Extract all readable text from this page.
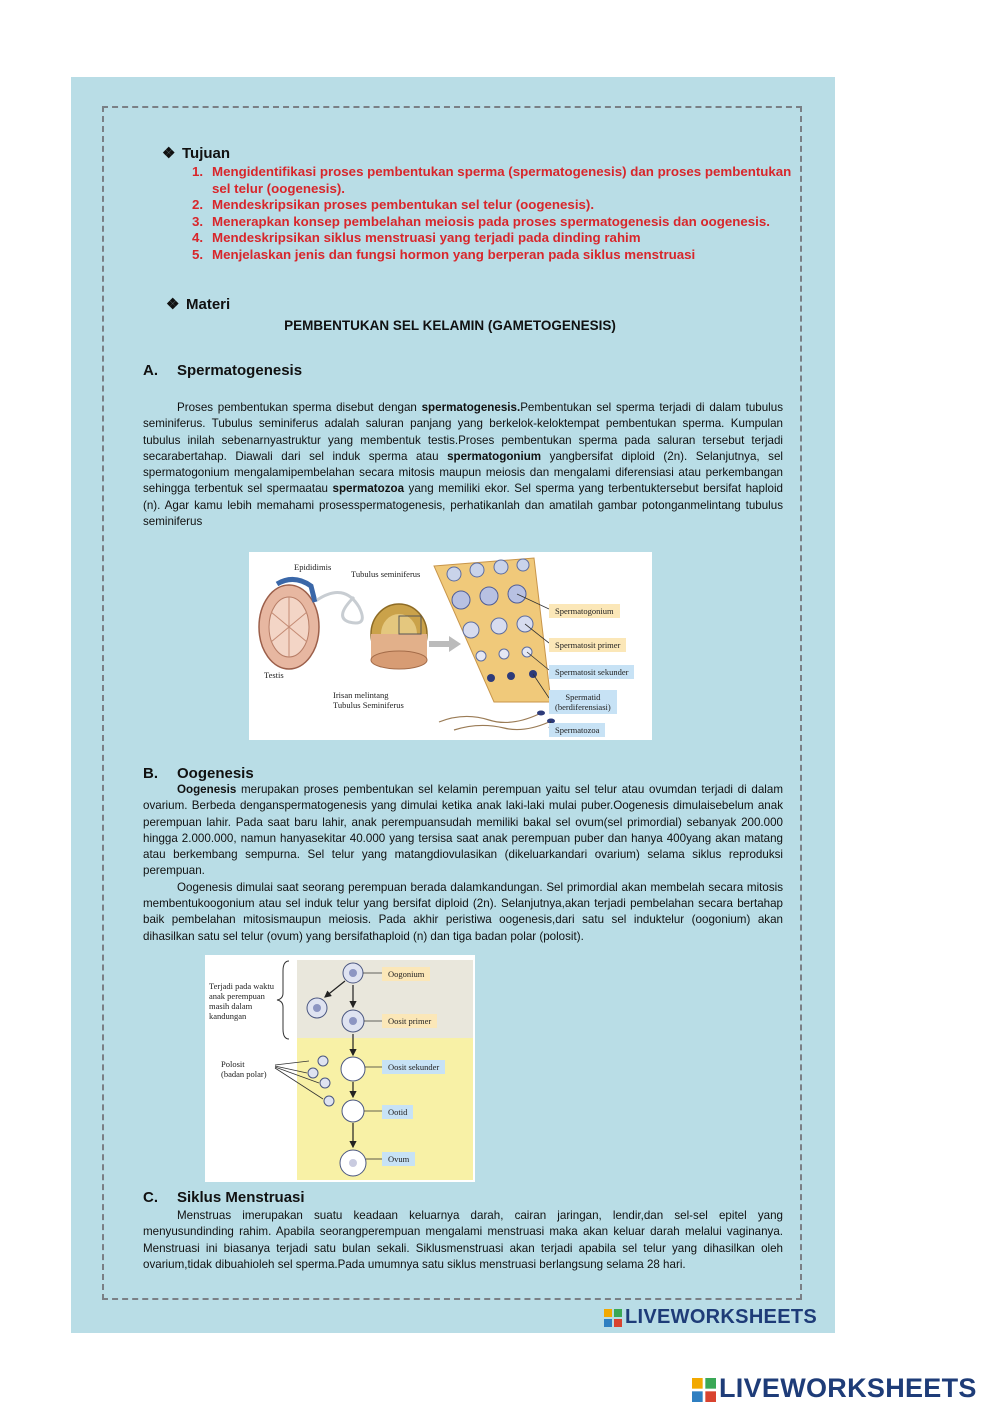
❖ Tujuan
1. Mengidentifikasi proses pembentukan sperma (spermatogenesis) dan proses pembentukan sel telur (oogenesis).
2. Mendeskripsikan proses pembentukan sel telur (oogenesis).
3. Menerapkan konsep pembelahan meiosis pada proses spermatogenesis dan oogenesis.
4. Mendeskripsikan siklus menstruasi yang terjadi pada dinding rahim
5. Menjelaskan jenis dan fungsi hormon yang berperan pada siklus menstruasi
❖ Materi
PEMBENTUKAN SEL KELAMIN (GAMETOGENESIS)
A. Spermatogenesis

Proses pembentukan sperma disebut dengan spermatogenesis.Pembentukan sel sperma terjadi di dalam tubulus seminiferus. Tubulus seminiferus adalah saluran panjang yang berkelok-keloktempat pembentukan sperma. Kumpulan tubulus inilah sebenarnyastruktur yang membentuk testis.Proses pembentukan sperma pada saluran tersebut terjadi secarabertahap. Diawali dari sel induk sperma atau spermatogonium yangbersifat diploid (2n). Selanjutnya, sel spermatogonium mengalamipembelahan secara mitosis maupun meiosis dan mengalami diferensiasi atau perkembangan sehingga terbentuk sel spermaatau spermatozoa yang memiliki ekor. Sel sperma yang terbentuktersebut bersifat haploid (n). Agar kamu lebih memahami prosesspermatogenesis, perhatikanlah dan amatilah gambar potonganmelintang tubulus seminiferus

Epididimis
Tubulus seminiferus
Testis
Irisan melintang
Tubulus Seminiferus
Spermatogonium
Spermatosit primer
Spermatosit sekunder
Spermatid
(berdiferensiasi)
Spermatozoa
B. Oogenesis

Oogenesis merupakan proses pembentukan sel kelamin perempuan yaitu sel telur atau ovumdan terjadi di dalam ovarium. Berbeda denganspermatogenesis yang dimulai ketika anak laki-laki mulai puber.Oogenesis dimulaisebelum anak perempuan lahir. Pada saat baru lahir, anak perempuansudah memiliki bakal sel ovum(sel primordial) sebanyak 200.000 hingga 2.000.000, namun hanyasekitar 40.000 yang tersisa saat anak perempuan puber dan hanya 400yang akan matang atau berkembang sempurna. Sel telur yang matangdiovulasikan (dikeluarkandari ovarium) selama siklus reproduksi perempuan.

Oogenesis dimulai saat seorang perempuan berada dalamkandungan. Sel primordial akan membelah secara mitosis membentukoogonium atau sel induk telur yang bersifat diploid (2n). Selanjutnya,akan terjadi pembelahan secara bertahap baik pembelahan mitosismaupun meiosis. Pada akhir peristiwa oogenesis,dari satu sel induktelur (oogonium) akan dihasilkan satu sel telur (ovum) yang bersifathaploid (n) dan tiga badan polar (polosit).

Terjadi pada waktu
anak perempuan
masih dalam
kandungan
Polosit
(badan polar)
Oogonium
Oosit primer
Oosit sekunder
Ootid
Ovum
C. Siklus Menstruasi

Menstruas imerupakan suatu keadaan keluarnya darah, cairan jaringan, lendir,dan sel-sel epitel yang menyusundinding rahim. Apabila seorangperempuan mengalami menstruasi maka akan keluar darah melalui vaginanya. Menstruasi ini biasanya terjadi satu bulan sekali. Siklusmenstruasi akan terjadi apabila sel telur yang dihasilkan oleh ovarium,tidak dibuahioleh sel sperma.Pada umumnya satu siklus menstruasi berlangsung selama 28 hari.

LIVEWORKSHEETS
LIVEWORKSHEETS
